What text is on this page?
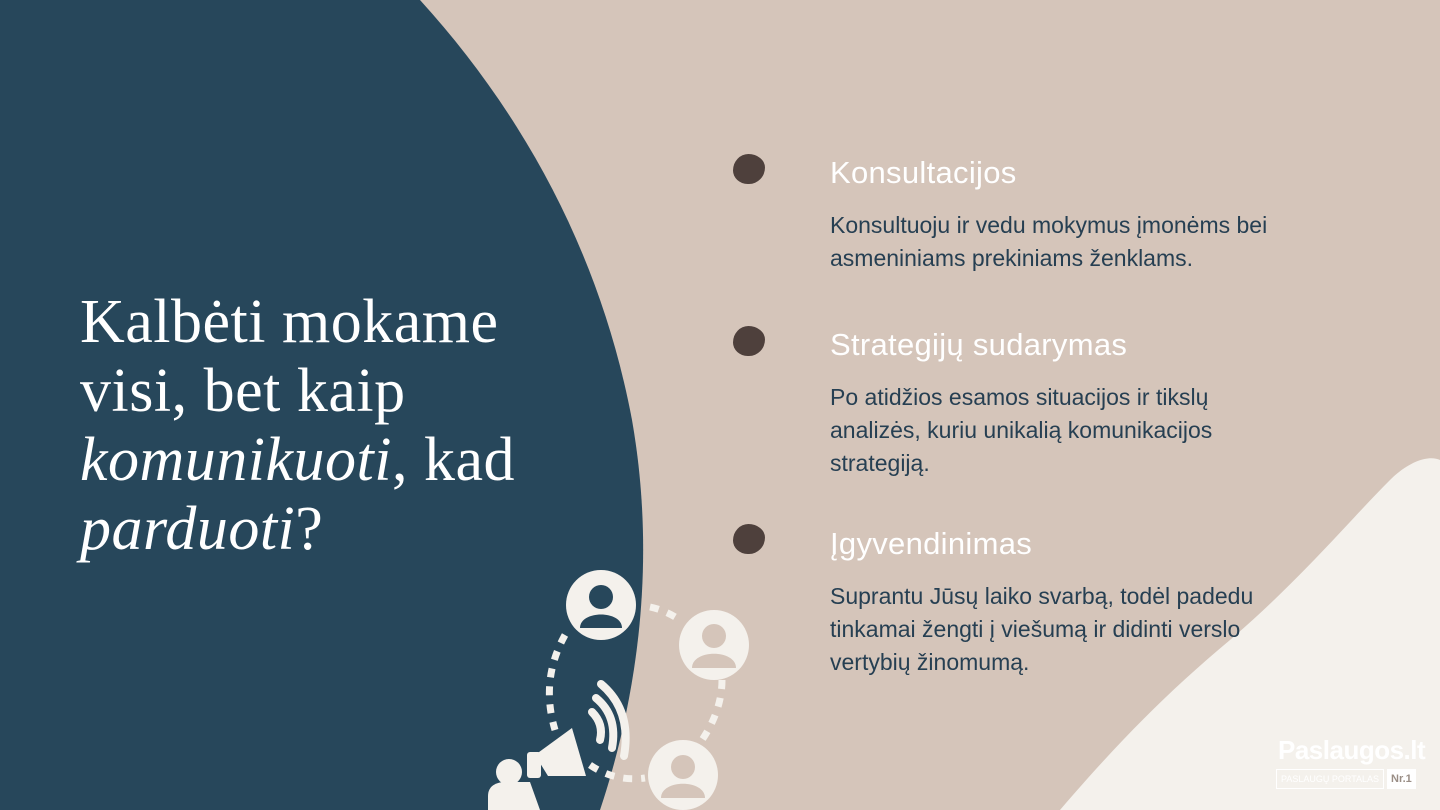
Kalbėti mokame visi, bet kaip komunikuoti, kad parduoti?
Konsultacijos

Konsultuoju ir vedu mokymus įmonėms bei asmeniniams prekiniams ženklams.

Strategijų sudarymas

Po atidžios esamos situacijos ir tikslų analizės, kuriu unikalią komunikacijos strategiją.

Įgyvendinimas

Suprantu Jūsų laiko svarbą, todėl padedu tinkamai žengti į viešumą ir didinti verslo vertybių žinomumą.

Paslaugos.lt
PASLAUGŲ PORTALAS	Nr.1
